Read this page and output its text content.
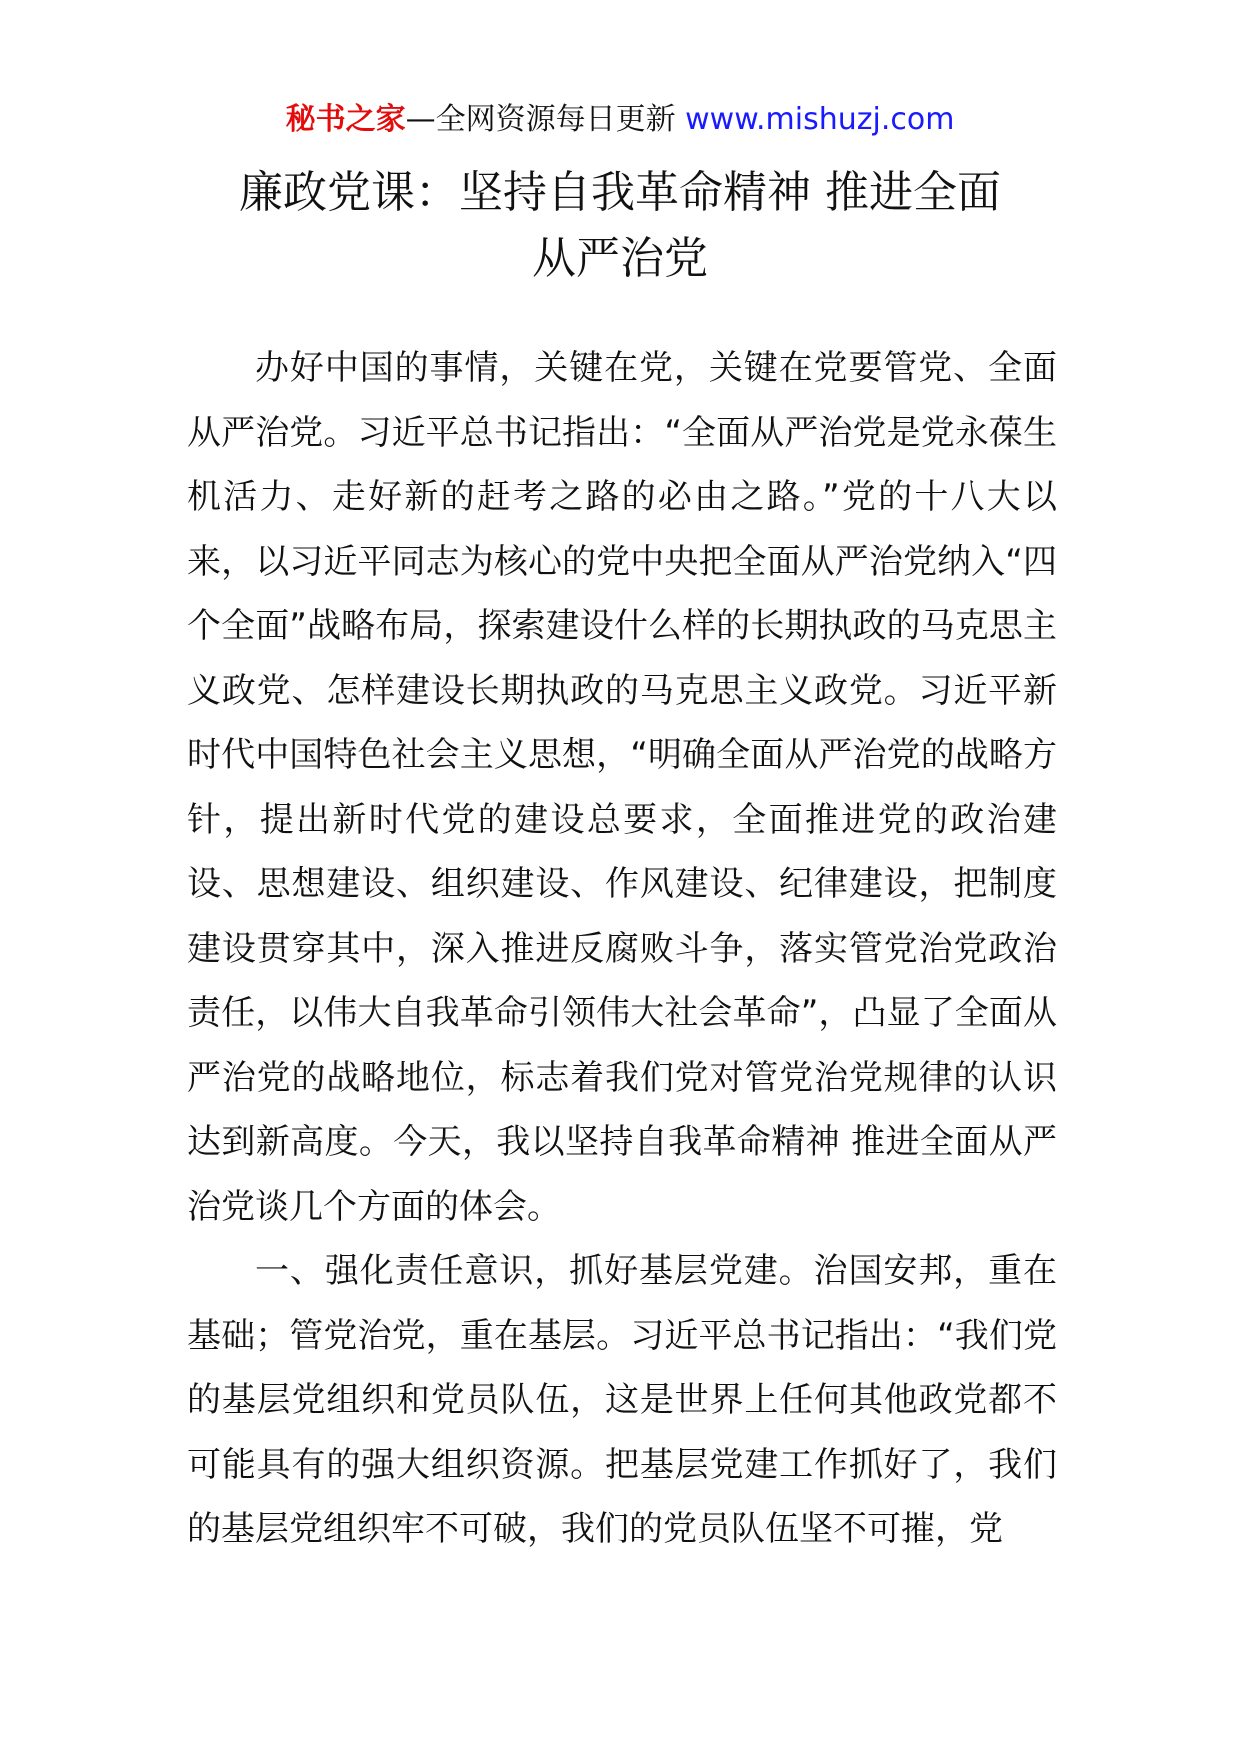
秘书之家—全网资源每日更新 www.mishuzj.com
廉政党课：坚持自我革命精神 推进全面
从严治党

办好中国的事情，关键在党，关键在党要管党、全面从严治党。习近平总书记指出：“全面从严治党是党永葆生机活力、走好新的赶考之路的必由之路。”党的十八大以来，以习近平同志为核心的党中央把全面从严治党纳入“四个全面”战略布局，探索建设什么样的长期执政的马克思主义政党、怎样建设长期执政的马克思主义政党。习近平新时代中国特色社会主义思想，“明确全面从严治党的战略方针，提出新时代党的建设总要求，全面推进党的政治建设、思想建设、组织建设、作风建设、纪律建设，把制度建设贯穿其中，深入推进反腐败斗争，落实管党治党政治责任，以伟大自我革命引领伟大社会革命”，凸显了全面从严治党的战略地位，标志着我们党对管党治党规律的认识达到新高度。今天，我以坚持自我革命精神 推进全面从严治党谈几个方面的体会。

一、强化责任意识，抓好基层党建。治国安邦，重在基础；管党治党，重在基层。习近平总书记指出：“我们党的基层党组织和党员队伍，这是世界上任何其他政党都不可能具有的强大组织资源。把基层党建工作抓好了，我们的基层党组织牢不可破，我们的党员队伍坚不可摧，党
